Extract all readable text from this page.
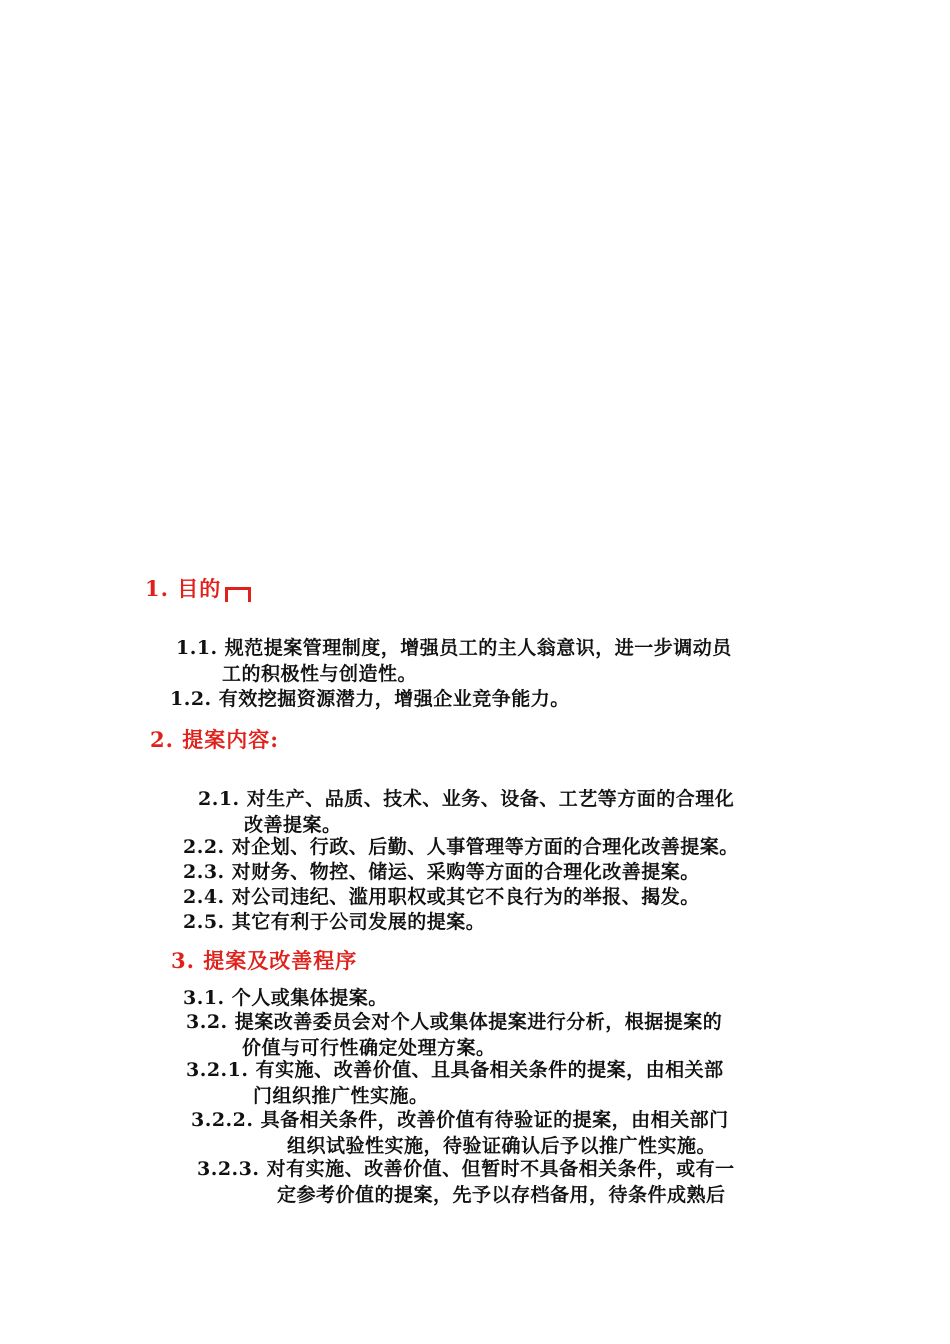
1. 目的
1.1. 规范提案管理制度，增强员工的主人翁意识，进一步调动员
工的积极性与创造性。
1.2. 有效挖掘资源潜力，增强企业竞争能力。
2. 提案内容:
2.1. 对生产、品质、技术、业务、设备、工艺等方面的合理化
改善提案。
2.2. 对企划、行政、后勤、人事管理等方面的合理化改善提案。
2.3. 对财务、物控、储运、采购等方面的合理化改善提案。
2.4. 对公司违纪、滥用职权或其它不良行为的举报、揭发。
2.5. 其它有利于公司发展的提案。
3. 提案及改善程序
3.1. 个人或集体提案。
3.2. 提案改善委员会对个人或集体提案进行分析，根据提案的
价值与可行性确定处理方案。
3.2.1. 有实施、改善价值、且具备相关条件的提案，由相关部
门组织推广性实施。
3.2.2. 具备相关条件，改善价值有待验证的提案，由相关部门
组织试验性实施，待验证确认后予以推广性实施。
3.2.3. 对有实施、改善价值、但暂时不具备相关条件，或有一
定参考价值的提案，先予以存档备用，待条件成熟后
